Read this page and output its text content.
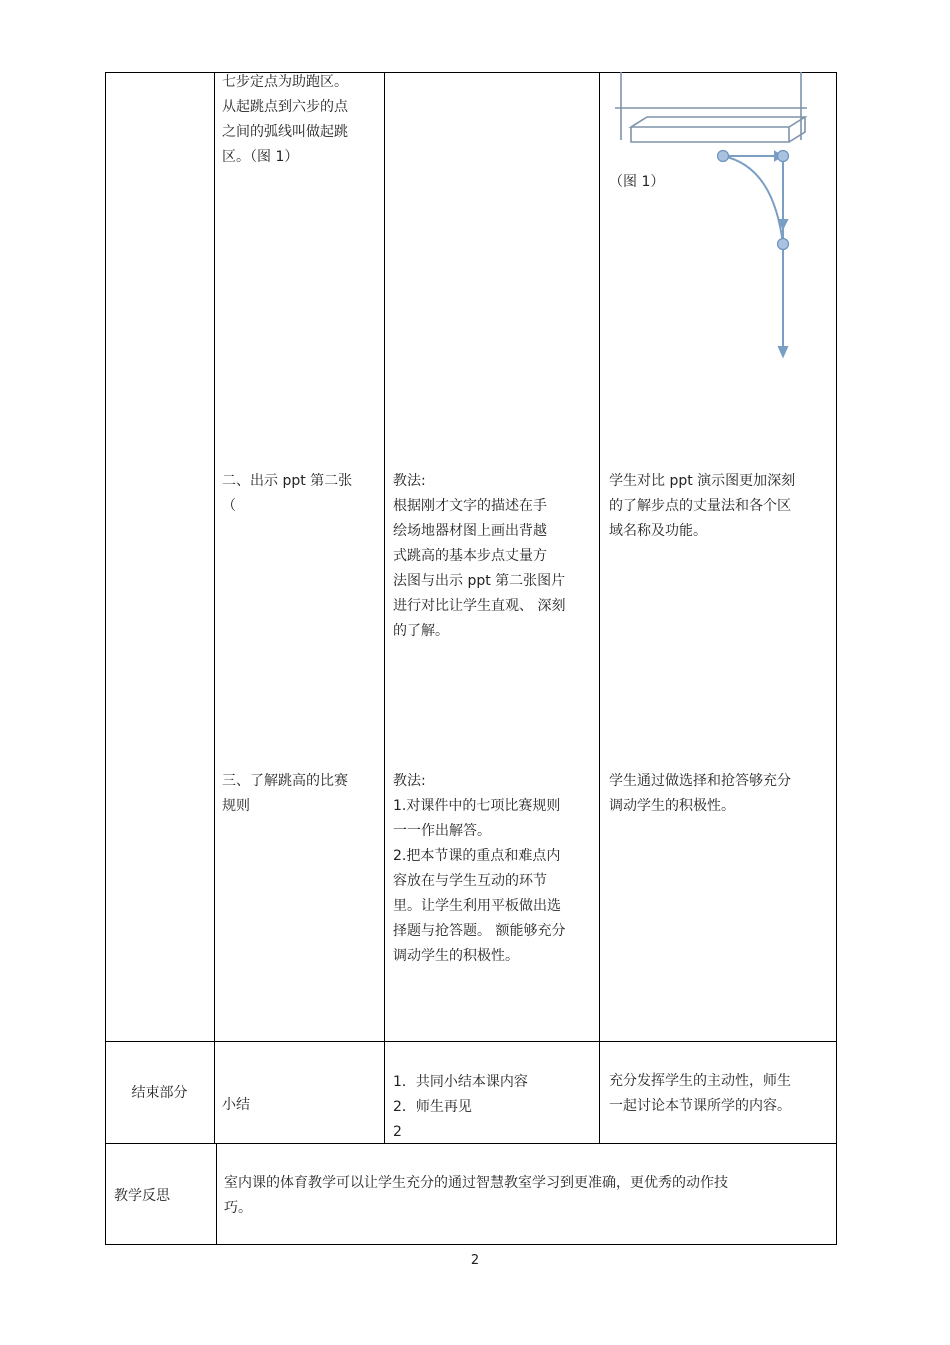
七步定点为助跑区。
从起跳点到六步的点
之间的弧线叫做起跳
区。（图 1）
（图 1）
二、出示 ppt 第二张
（
教法:
根据刚才文字的描述在手
绘场地器材图上画出背越
式跳高的基本步点丈量方
法图与出示 ppt 第二张图片
进行对比让学生直观、 深刻
的了解。
学生对比 ppt 演示图更加深刻
的了解步点的丈量法和各个区
域名称及功能。
三、了解跳高的比赛
规则
教法:
1.对课件中的七项比赛规则
一一作出解答。
2.把本节课的重点和难点内
容放在与学生互动的环节
里。让学生利用平板做出选
择题与抢答题。 额能够充分
调动学生的积极性。
学生通过做选择和抢答够充分
调动学生的积极性。
结束部分
小结
1．共同小结本课内容
2．师生再见
2
充分发挥学生的主动性，师生
一起讨论本节课所学的内容。
教学反思
室内课的体育教学可以让学生充分的通过智慧教室学习到更准确，更优秀的动作技
巧。
2
